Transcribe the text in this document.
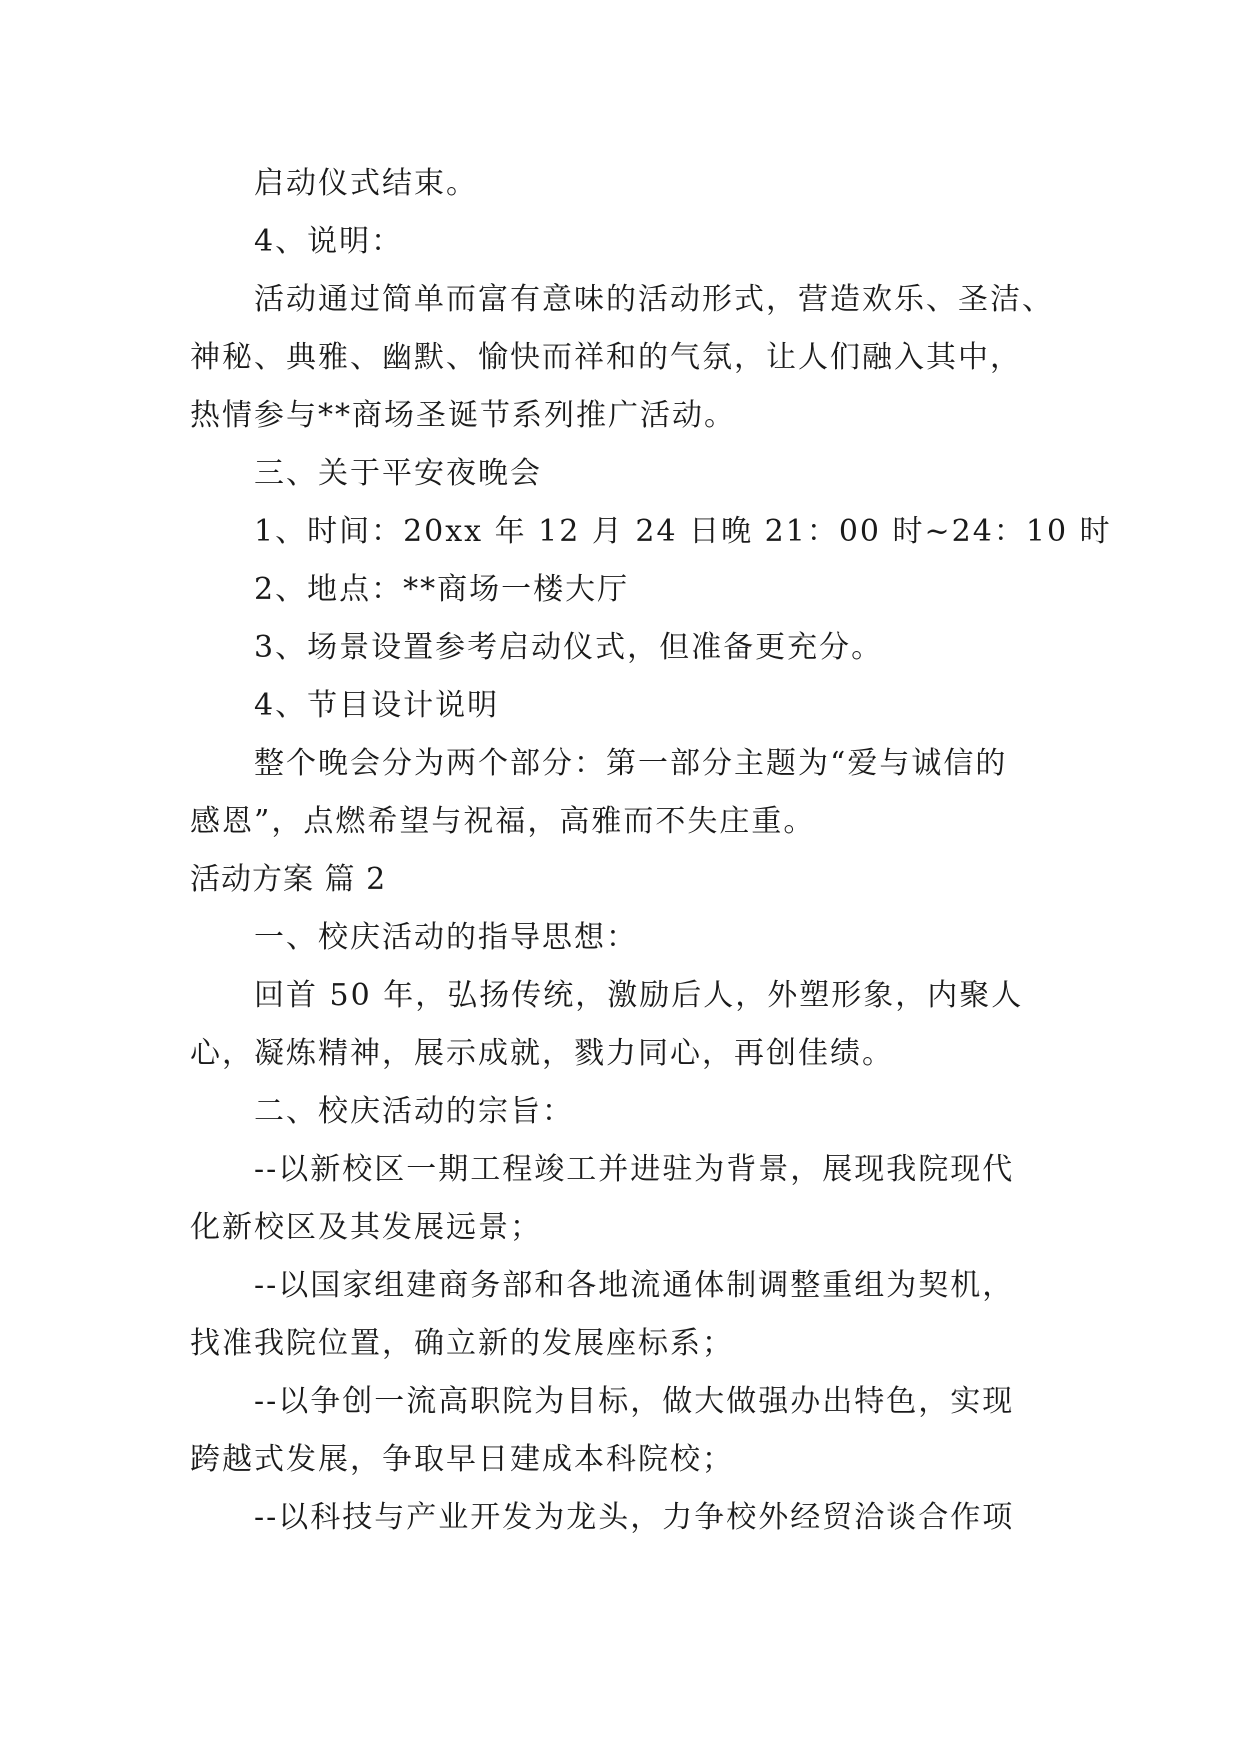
启动仪式结束。

4、说明：

活动通过简单而富有意味的活动形式，营造欢乐、圣洁、

神秘、典雅、幽默、愉快而祥和的气氛，让人们融入其中，

热情参与**商场圣诞节系列推广活动。

三、关于平安夜晚会

1、时间：20xx 年 12 月 24 日晚 21：00 时~24：10 时

2、地点：**商场一楼大厅

3、场景设置参考启动仪式，但准备更充分。

4、节目设计说明

整个晚会分为两个部分：第一部分主题为“爱与诚信的

感恩”，点燃希望与祝福，高雅而不失庄重。

活动方案 篇 2

一、校庆活动的指导思想：

回首 50 年，弘扬传统，激励后人，外塑形象，内聚人

心，凝炼精神，展示成就，戮力同心，再创佳绩。

二、校庆活动的宗旨：

--以新校区一期工程竣工并进驻为背景，展现我院现代

化新校区及其发展远景；

--以国家组建商务部和各地流通体制调整重组为契机，

找准我院位置，确立新的发展座标系；

--以争创一流高职院为目标，做大做强办出特色，实现

跨越式发展，争取早日建成本科院校；

--以科技与产业开发为龙头，力争校外经贸洽谈合作项
